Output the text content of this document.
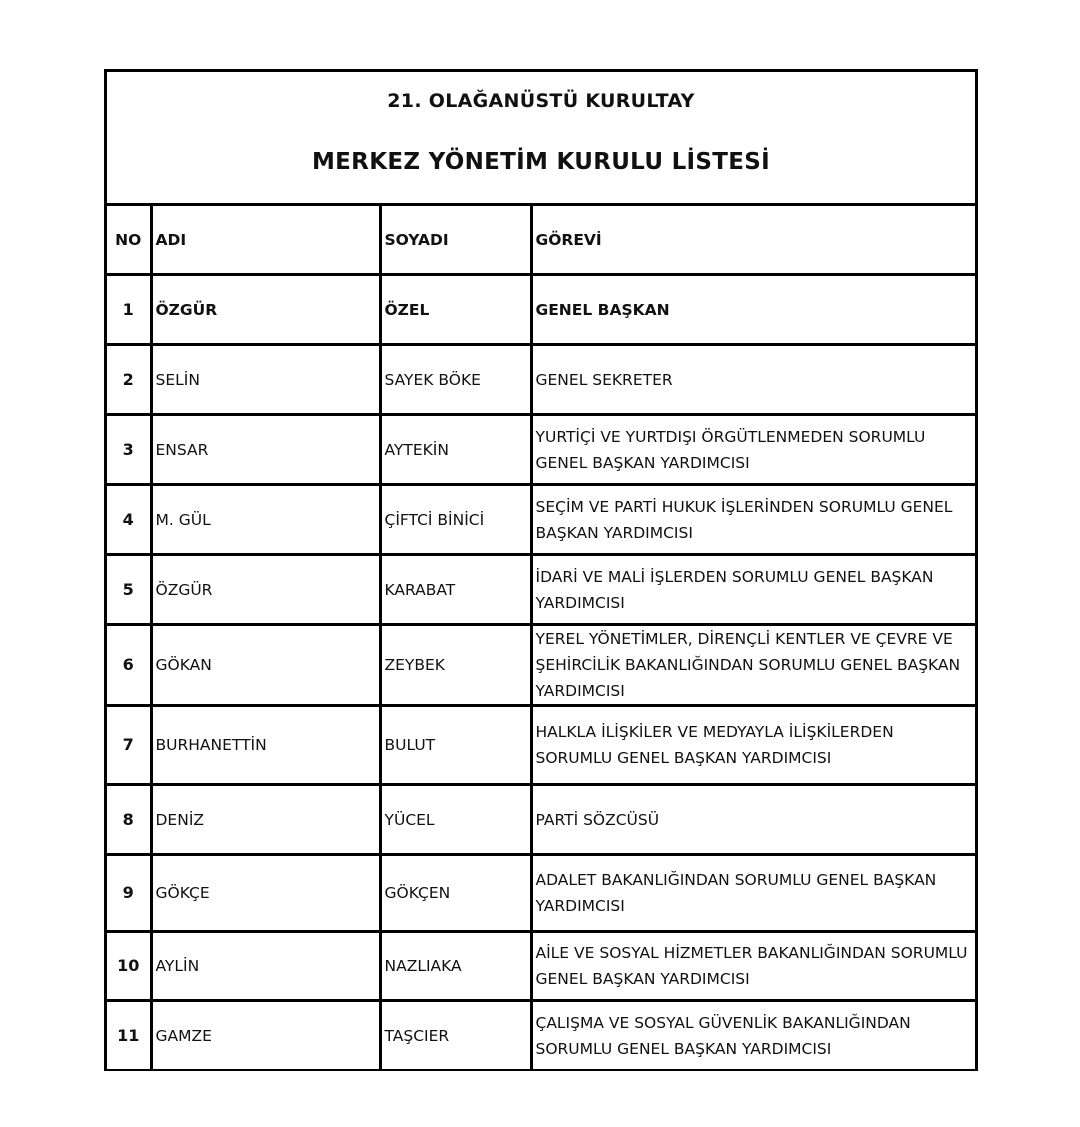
21. OLAĞANÜSTÜ KURULTAY
MERKEZ YÖNETİM KURULU LİSTESİ
NO	ADI	SOYADI	GÖREVİ
1	ÖZGÜR	ÖZEL	GENEL BAŞKAN
2	SELİN	SAYEK BÖKE	GENEL SEKRETER
3	ENSAR	AYTEKİN	YURTİÇİ VE YURTDIŞI ÖRGÜTLENMEDEN SORUMLU GENEL BAŞKAN YARDIMCISI
4	M. GÜL	ÇİFTCİ BİNİCİ	SEÇİM VE PARTİ HUKUK İŞLERİNDEN SORUMLU GENEL BAŞKAN YARDIMCISI
5	ÖZGÜR	KARABAT	İDARİ VE MALİ İŞLERDEN SORUMLU GENEL BAŞKAN YARDIMCISI
6	GÖKAN	ZEYBEK	YEREL YÖNETİMLER, DİRENÇLİ KENTLER VE ÇEVRE VE ŞEHİRCİLİK BAKANLIĞINDAN SORUMLU GENEL BAŞKAN YARDIMCISI
7	BURHANETTİN	BULUT	HALKLA İLİŞKİLER VE MEDYAYLA İLİŞKİLERDEN SORUMLU GENEL BAŞKAN YARDIMCISI
8	DENİZ	YÜCEL	PARTİ SÖZCÜSÜ
9	GÖKÇE	GÖKÇEN	ADALET BAKANLIĞINDAN SORUMLU GENEL BAŞKAN YARDIMCISI
10	AYLİN	NAZLIAKA	AİLE VE SOSYAL HİZMETLER BAKANLIĞINDAN SORUMLU GENEL BAŞKAN YARDIMCISI
11	GAMZE	TAŞCIER	ÇALIŞMA VE SOSYAL GÜVENLİK BAKANLIĞINDAN SORUMLU GENEL BAŞKAN YARDIMCISI
